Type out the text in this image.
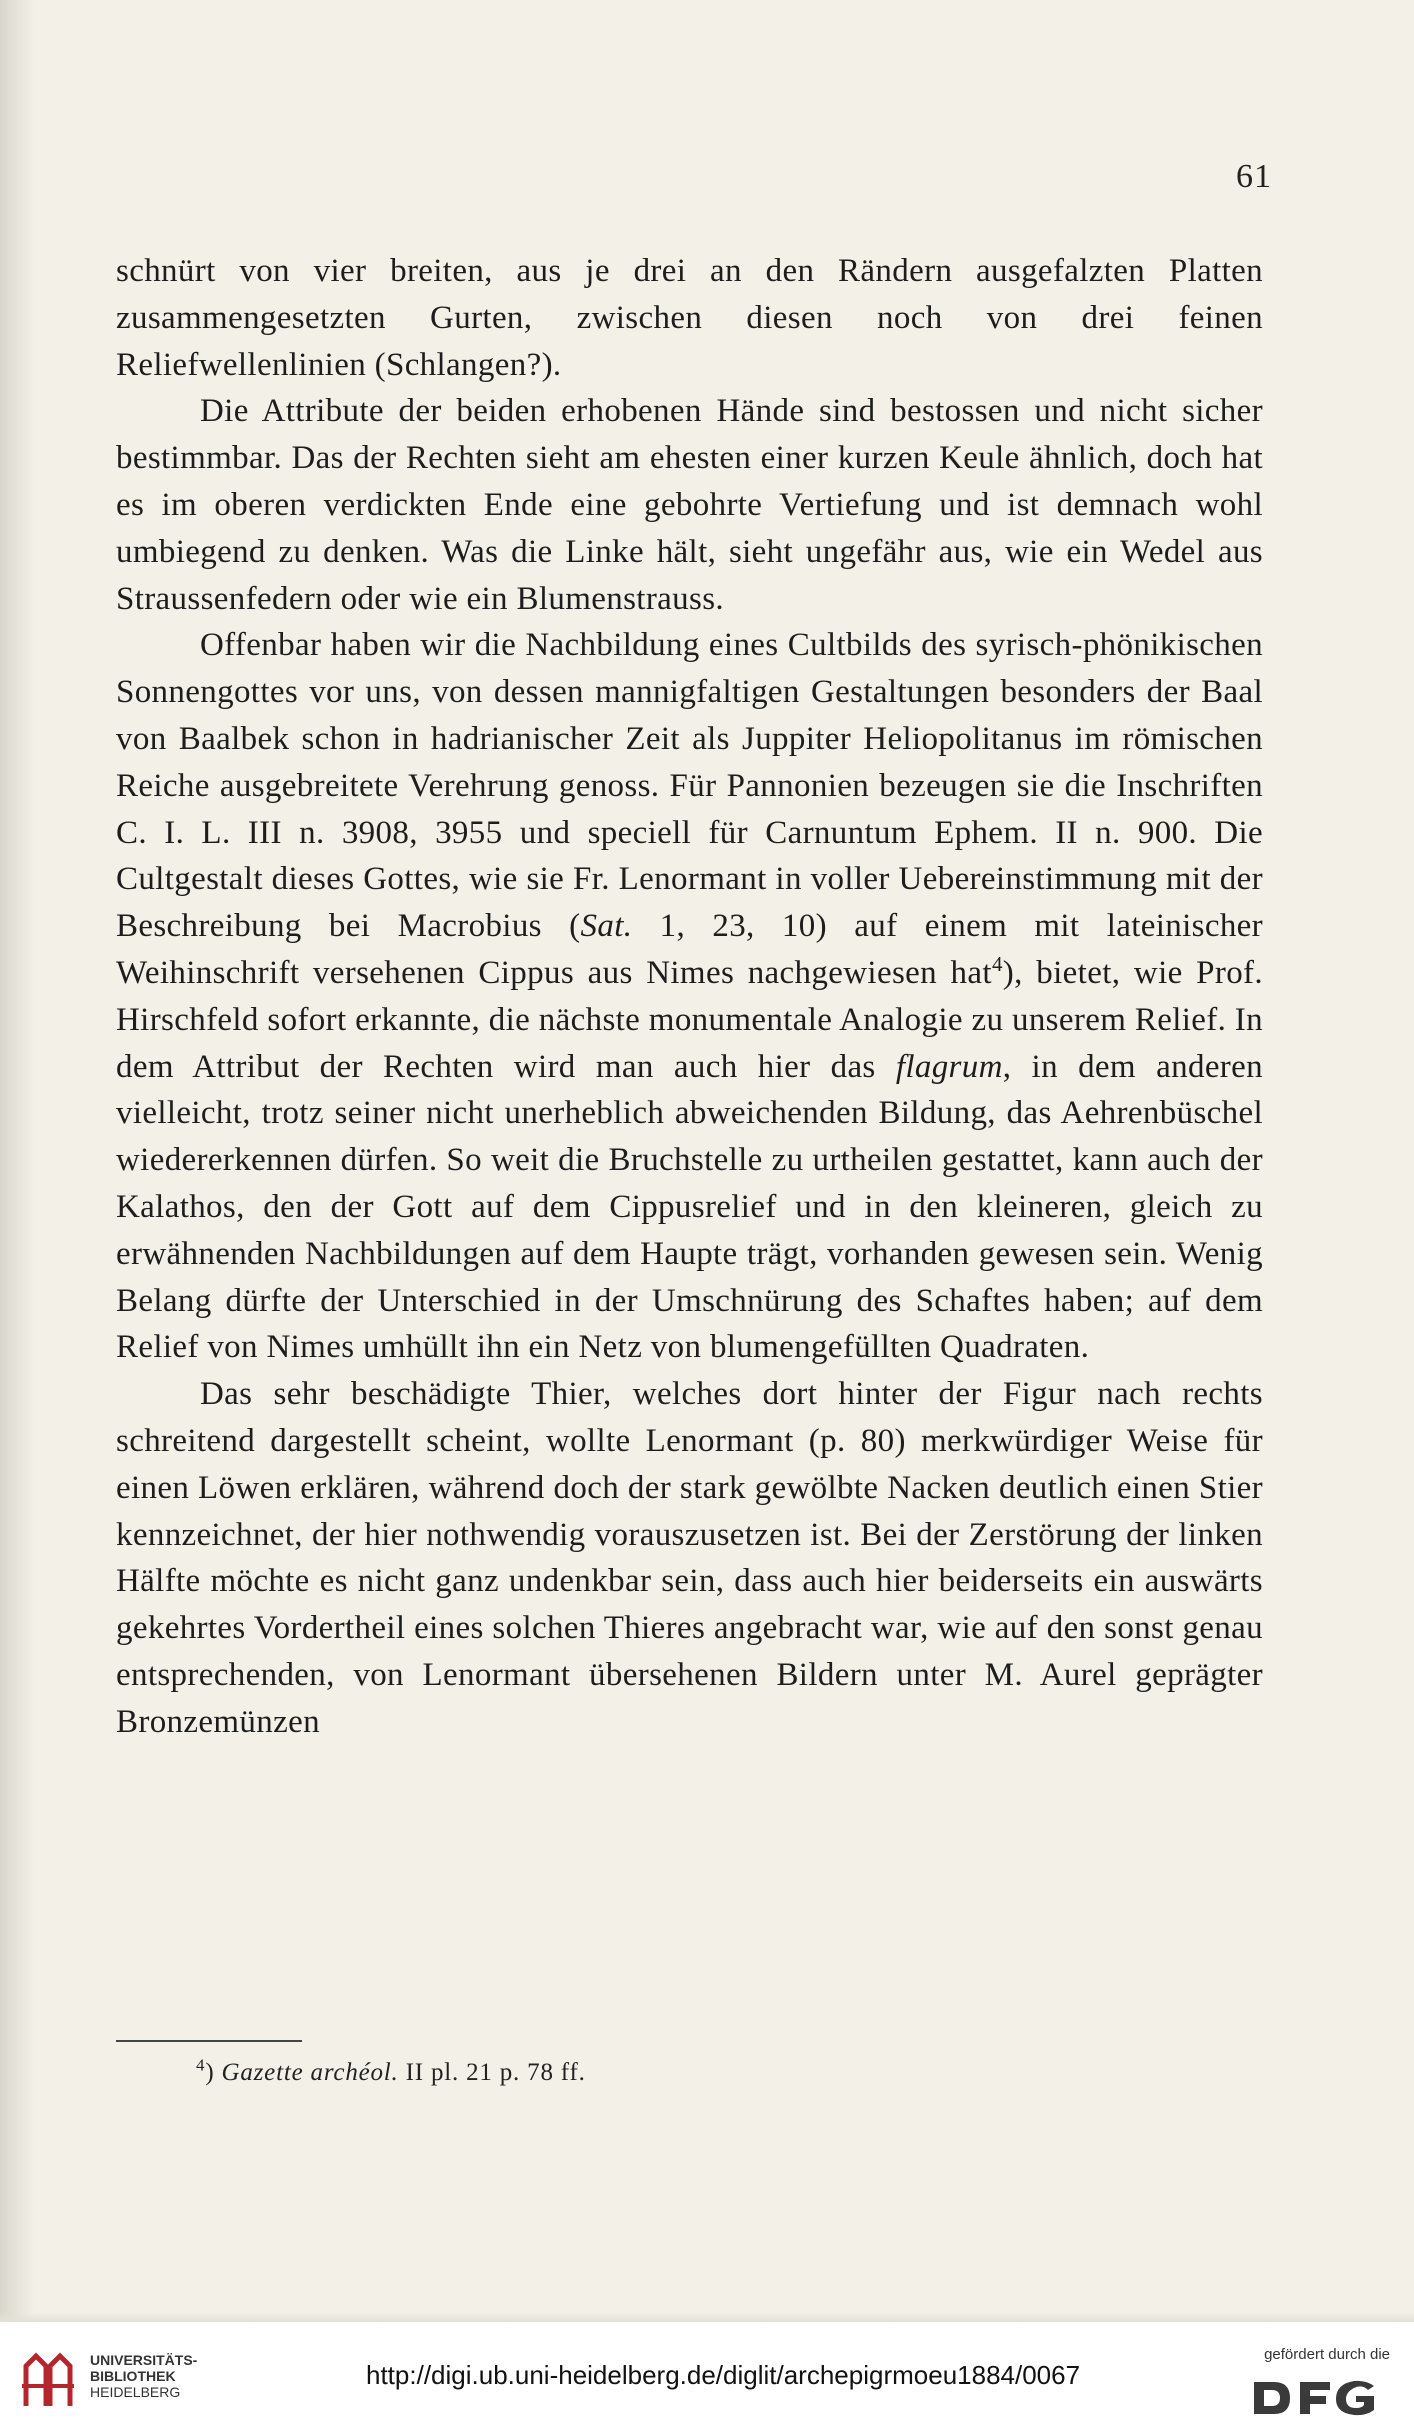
61

schnürt von vier breiten, aus je drei an den Rändern ausgefalzten Platten zusammengesetzten Gurten, zwischen diesen noch von drei feinen Reliefwellenlinien (Schlangen?).

Die Attribute der beiden erhobenen Hände sind bestossen und nicht sicher bestimmbar. Das der Rechten sieht am ehesten einer kurzen Keule ähnlich, doch hat es im oberen verdickten Ende eine gebohrte Vertiefung und ist demnach wohl umbiegend zu denken. Was die Linke hält, sieht ungefähr aus, wie ein Wedel aus Straussenfedern oder wie ein Blumenstrauss.

Offenbar haben wir die Nachbildung eines Cultbilds des syrisch-phönikischen Sonnengottes vor uns, von dessen mannigfaltigen Gestaltungen besonders der Baal von Baalbek schon in hadrianischer Zeit als Juppiter Heliopolitanus im römischen Reiche ausgebreitete Verehrung genoss. Für Pannonien bezeugen sie die Inschriften C. I. L. III n. 3908, 3955 und speciell für Carnuntum Ephem. II n. 900. Die Cultgestalt dieses Gottes, wie sie Fr. Lenormant in voller Uebereinstimmung mit der Beschreibung bei Macrobius (Sat. 1, 23, 10) auf einem mit lateinischer Weihinschrift versehenen Cippus aus Nimes nachgewiesen hat$^4$), bietet, wie Prof. Hirschfeld sofort erkannte, die nächste monumentale Analogie zu unserem Relief. In dem Attribut der Rechten wird man auch hier das flagrum, in dem anderen vielleicht, trotz seiner nicht unerheblich abweichenden Bildung, das Aehrenbüschel wiedererkennen dürfen. So weit die Bruchstelle zu urtheilen gestattet, kann auch der Kalathos, den der Gott auf dem Cippusrelief und in den kleineren, gleich zu erwähnenden Nachbildungen auf dem Haupte trägt, vorhanden gewesen sein. Wenig Belang dürfte der Unterschied in der Umschnürung des Schaftes haben; auf dem Relief von Nimes umhüllt ihn ein Netz von blumengefüllten Quadraten.

Das sehr beschädigte Thier, welches dort hinter der Figur nach rechts schreitend dargestellt scheint, wollte Lenormant (p. 80) merkwürdiger Weise für einen Löwen erklären, während doch der stark gewölbte Nacken deutlich einen Stier kennzeichnet, der hier nothwendig vorauszusetzen ist. Bei der Zerstörung der linken Hälfte möchte es nicht ganz undenkbar sein, dass auch hier beiderseits ein auswärts gekehrtes Vordertheil eines solchen Thieres angebracht war, wie auf den sonst genau entsprechenden, von Lenormant übersehenen Bildern unter M. Aurel geprägter Bronzemünzen

$^4$) Gazette archéol. II pl. 21 p. 78 ff.

UNIVERSITÄTS-
BIBLIOTHEK
HEIDELBERG

http://digi.ub.uni-heidelberg.de/diglit/archepigrmoeu1884/0067

gefördert durch die
